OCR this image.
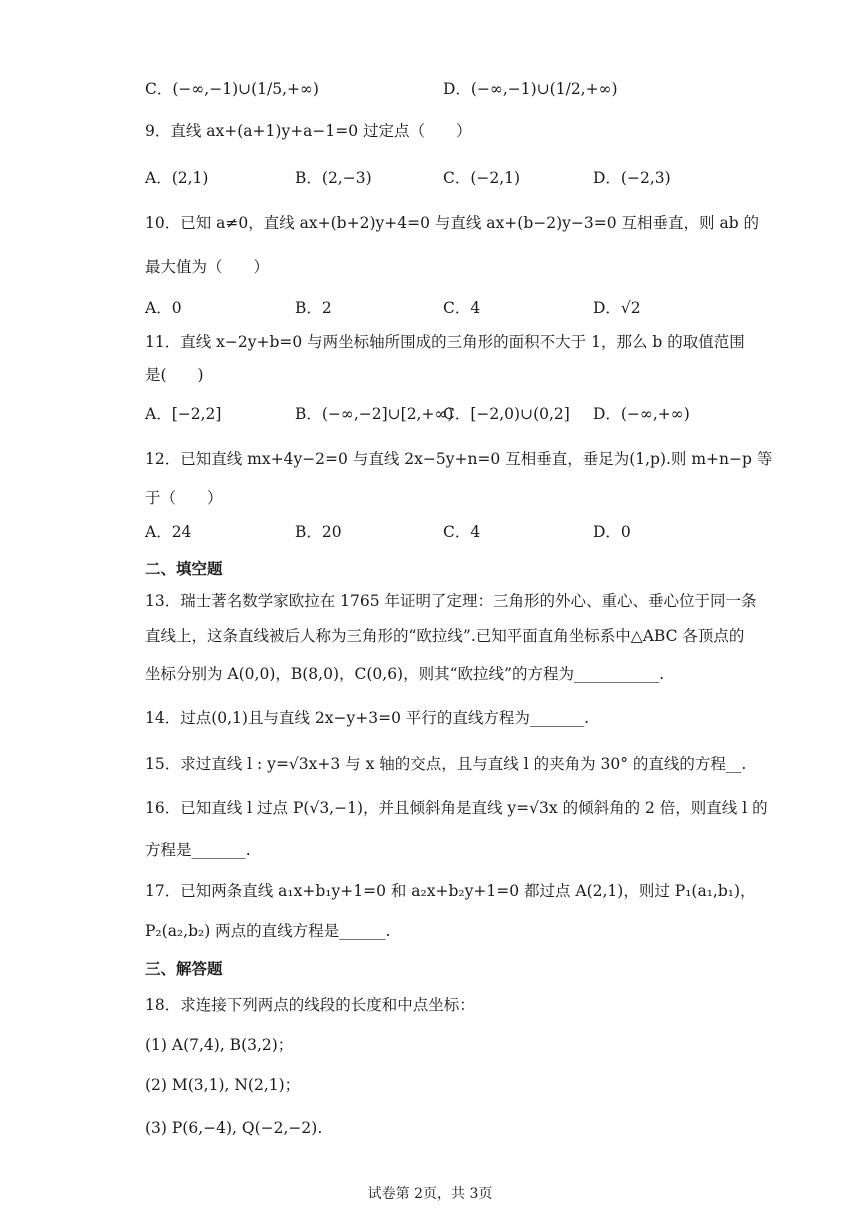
C．(−∞,−1)∪(1/5,+∞)	D．(−∞,−1)∪(1/2,+∞)
9．直线 ax+(a+1)y+a−1=0 过定点（　　）
A．(2,1)	B．(2,−3)	C．(−2,1)	D．(−2,3)
10．已知 a≠0，直线 ax+(b+2)y+4=0 与直线 ax+(b−2)y−3=0 互相垂直，则 ab 的
最大值为（　　）
A．0	B．2	C．4	D．√2
11．直线 x−2y+b=0 与两坐标轴所围成的三角形的面积不大于 1，那么 b 的取值范围
是(　　)
A．[−2,2]	B．(−∞,−2]∪[2,+∞)
C．[−2,0)∪(0,2] D．(−∞,+∞)
12．已知直线 mx+4y−2=0 与直线 2x−5y+n=0 互相垂直，垂足为(1,p).则 m+n−p 等
于（　　）
A．24	B．20	C．4	D．0
二、填空题
13．瑞士著名数学家欧拉在 1765 年证明了定理：三角形的外心、重心、垂心位于同一条
直线上，这条直线被后人称为三角形的“欧拉线”.已知平面直角坐标系中△ABC 各顶点的
坐标分别为 A(0,0)，B(8,0)，C(0,6)，则其“欧拉线”的方程为___________.
14．过点(0,1)且与直线 2x−y+3=0 平行的直线方程为_______.
15．求过直线 l : y=√3x+3 与 x 轴的交点，且与直线 l 的夹角为 30° 的直线的方程__.
16．已知直线 l 过点 P(√3,−1)，并且倾斜角是直线 y=√3x 的倾斜角的 2 倍，则直线 l 的
方程是_______.
17．已知两条直线 a₁x+b₁y+1=0 和 a₂x+b₂y+1=0 都过点 A(2,1)，则过 P₁(a₁,b₁)，
P₂(a₂,b₂) 两点的直线方程是______.
三、解答题
18．求连接下列两点的线段的长度和中点坐标：
(1) A(7,4), B(3,2)；
(2) M(3,1), N(2,1)；
(3) P(6,−4), Q(−2,−2).
试卷第 2页，共 3页
